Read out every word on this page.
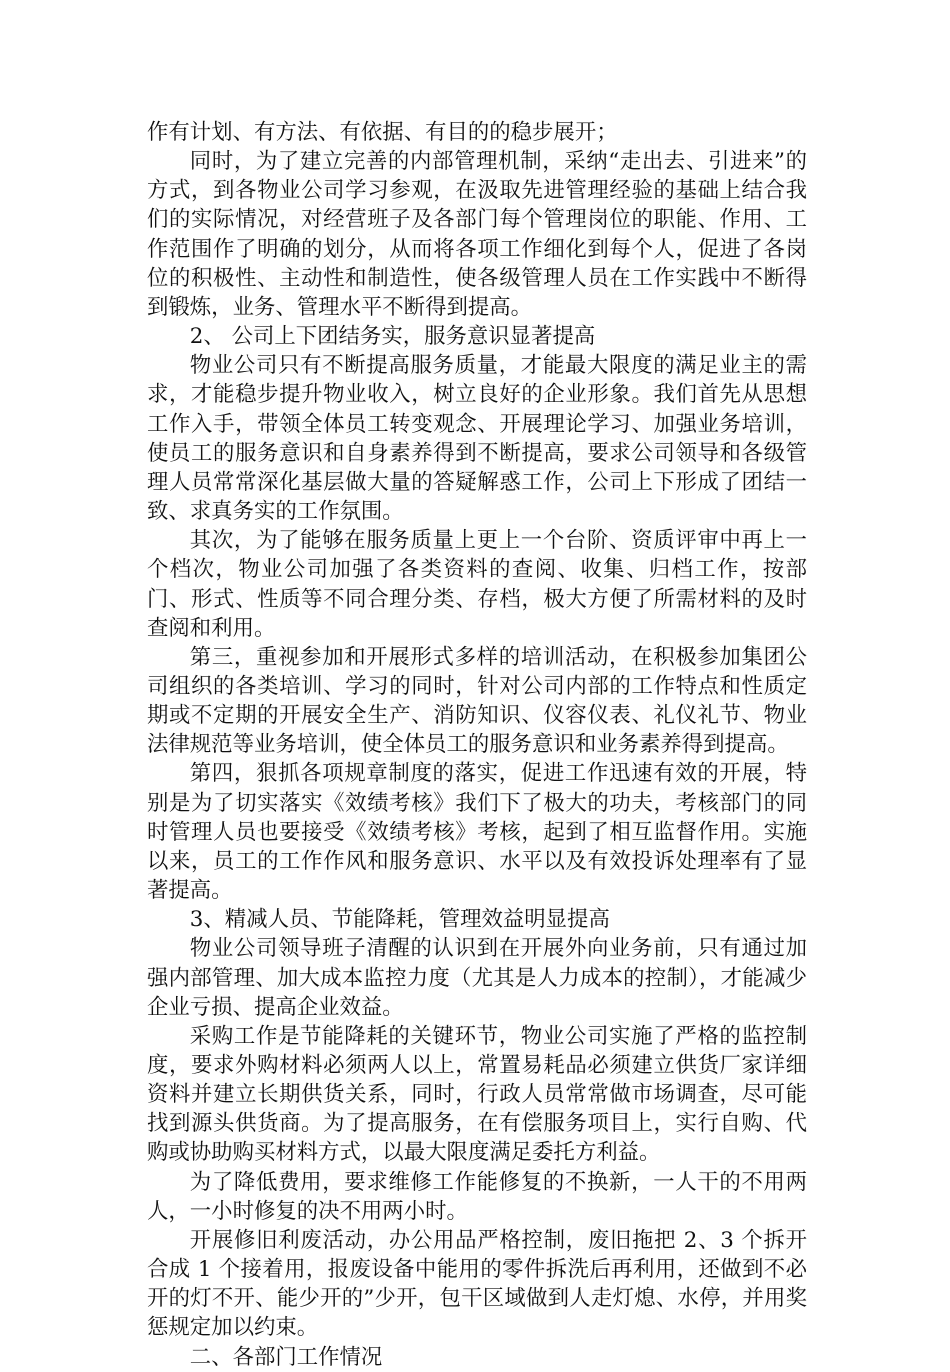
作有计划、有方法、有依据、有目的的稳步展开；

同时，为了建立完善的内部管理机制，采纳“走出去、引进来”的方式，到各物业公司学习参观，在汲取先进管理经验的基础上结合我们的实际情况，对经营班子及各部门每个管理岗位的职能、作用、工作范围作了明确的划分，从而将各项工作细化到每个人，促进了各岗位的积极性、主动性和制造性，使各级管理人员在工作实践中不断得到锻炼，业务、管理水平不断得到提高。

2、 公司上下团结务实，服务意识显著提高

物业公司只有不断提高服务质量，才能最大限度的满足业主的需求，才能稳步提升物业收入，树立良好的企业形象。我们首先从思想工作入手，带领全体员工转变观念、开展理论学习、加强业务培训，使员工的服务意识和自身素养得到不断提高，要求公司领导和各级管理人员常常深化基层做大量的答疑解惑工作，公司上下形成了团结一致、求真务实的工作氛围。

其次，为了能够在服务质量上更上一个台阶、资质评审中再上一个档次，物业公司加强了各类资料的查阅、收集、归档工作，按部门、形式、性质等不同合理分类、存档，极大方便了所需材料的及时查阅和利用。

第三，重视参加和开展形式多样的培训活动，在积极参加集团公司组织的各类培训、学习的同时，针对公司内部的工作特点和性质定期或不定期的开展安全生产、消防知识、仪容仪表、礼仪礼节、物业法律规范等业务培训，使全体员工的服务意识和业务素养得到提高。

第四，狠抓各项规章制度的落实，促进工作迅速有效的开展，特别是为了切实落实《效绩考核》我们下了极大的功夫，考核部门的同时管理人员也要接受《效绩考核》考核，起到了相互监督作用。实施以来，员工的工作作风和服务意识、水平以及有效投诉处理率有了显著提高。

3、精减人员、节能降耗，管理效益明显提高

物业公司领导班子清醒的认识到在开展外向业务前，只有通过加强内部管理、加大成本监控力度（尤其是人力成本的控制），才能减少企业亏损、提高企业效益。

采购工作是节能降耗的关键环节，物业公司实施了严格的监控制度，要求外购材料必须两人以上，常置易耗品必须建立供货厂家详细资料并建立长期供货关系，同时，行政人员常常做市场调查，尽可能找到源头供货商。为了提高服务，在有偿服务项目上，实行自购、代购或协助购买材料方式，以最大限度满足委托方利益。

为了降低费用，要求维修工作能修复的不换新，一人干的不用两人，一小时修复的决不用两小时。

开展修旧利废活动，办公用品严格控制，废旧拖把 2、3 个拆开合成 1 个接着用，报废设备中能用的零件拆洗后再利用，还做到不必开的灯不开、能少开的”少开，包干区域做到人走灯熄、水停，并用奖惩规定加以约束。

二、各部门工作情况
